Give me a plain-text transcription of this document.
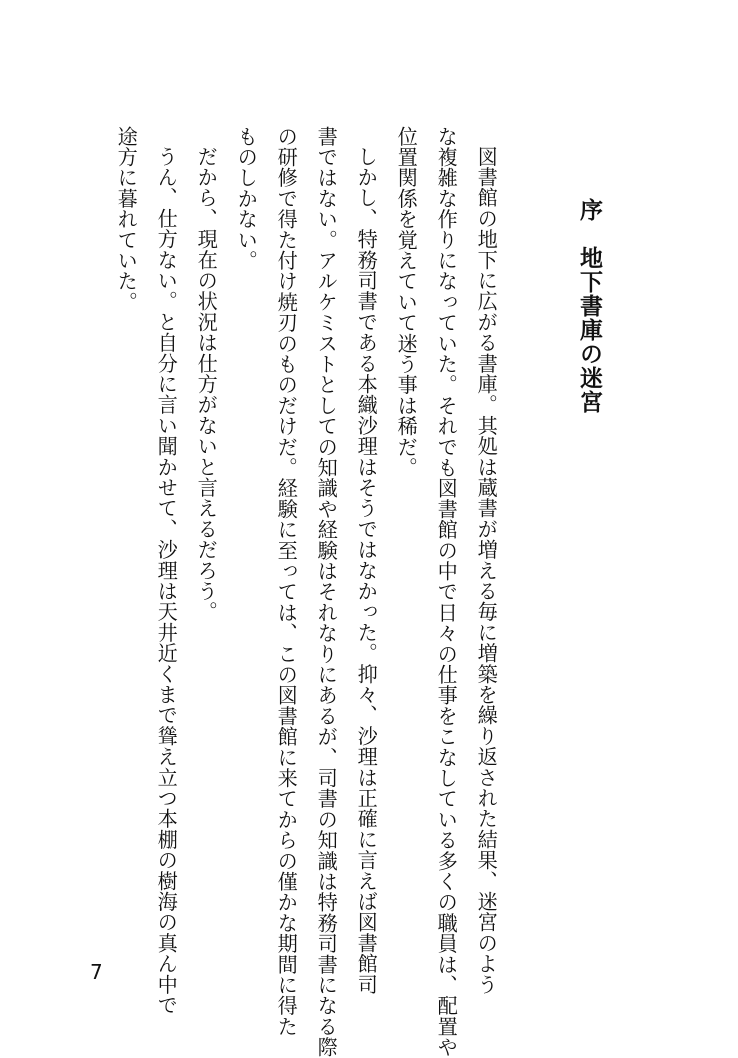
序　地下書庫の迷宮
図書館の地下に広がる書庫。其処は蔵書が増える毎に増築を繰り返された結果、迷宮のよう
な複雑な作りになっていた。それでも図書館の中で日々の仕事をこなしている多くの職員は、配置や
位置関係を覚えていて迷う事は稀だ。
しかし、特務司書である本織沙理はそうではなかった。抑々、沙理は正確に言えば図書館司
書ではない。アルケミストとしての知識や経験はそれなりにあるが、司書の知識は特務司書になる際
の研修で得た付け焼刃のものだけだ。経験に至っては、この図書館に来てからの僅かな期間に得た
ものしかない。
だから、現在の状況は仕方がないと言えるだろう。
うん、仕方ない。と自分に言い聞かせて、沙理は天井近くまで聳え立つ本棚の樹海の真ん中で
途方に暮れていた。
7
